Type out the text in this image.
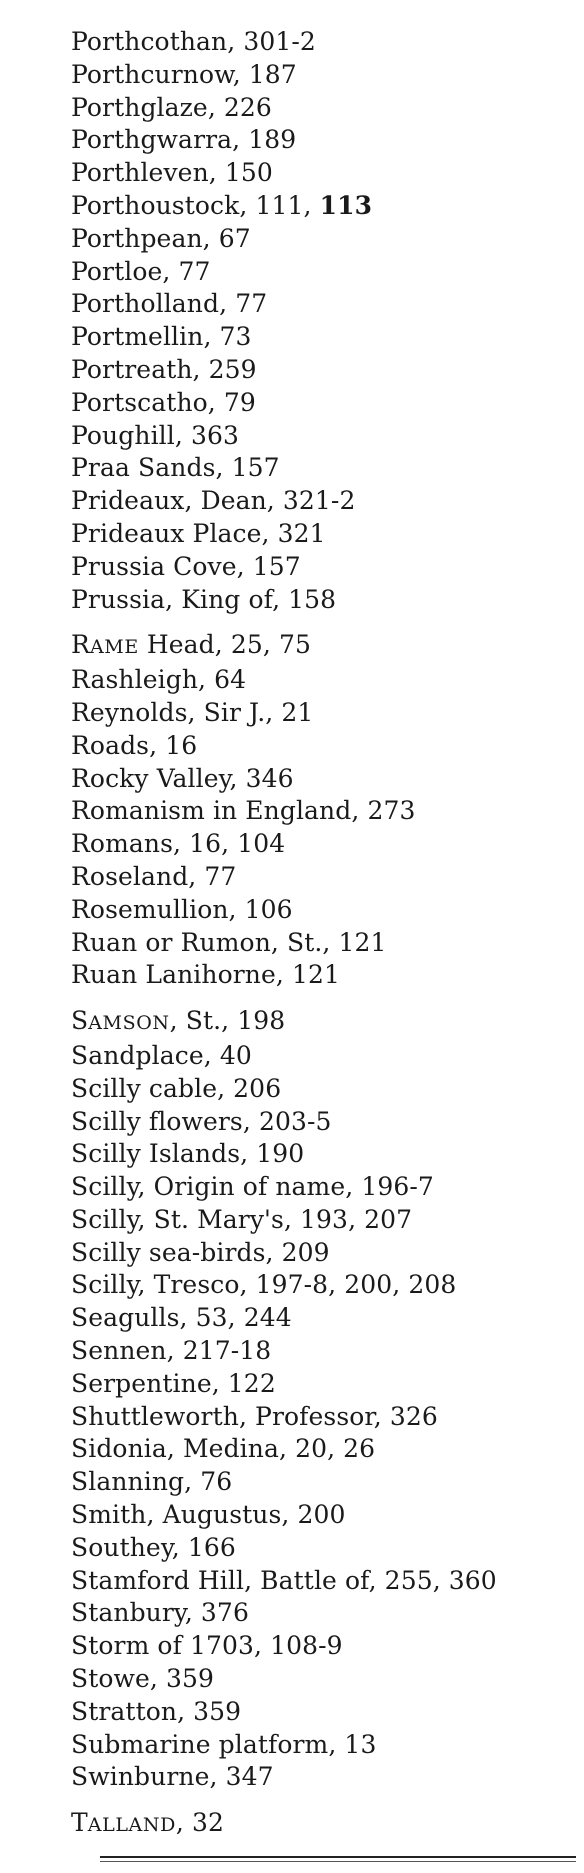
Porthcothan, 301-2
Porthcurnow, 187
Porthglaze, 226
Porthgwarra, 189
Porthleven, 150
Porthoustock, 111, 113
Porthpean, 67
Portloe, 77
Portholland, 77
Portmellin, 73
Portreath, 259
Portscatho, 79
Poughill, 363
Praa Sands, 157
Prideaux, Dean, 321-2
Prideaux Place, 321
Prussia Cove, 157
Prussia, King of, 158
RAME Head, 25, 75
Rashleigh, 64
Reynolds, Sir J., 21
Roads, 16
Rocky Valley, 346
Romanism in England, 273
Romans, 16, 104
Roseland, 77
Rosemullion, 106
Ruan or Rumon, St., 121
Ruan Lanihorne, 121
SAMSON, St., 198
Sandplace, 40
Scilly cable, 206
Scilly flowers, 203-5
Scilly Islands, 190
Scilly, Origin of name, 196-7
Scilly, St. Mary's, 193, 207
Scilly sea-birds, 209
Scilly, Tresco, 197-8, 200, 208
Seagulls, 53, 244
Sennen, 217-18
Serpentine, 122
Shuttleworth, Professor, 326
Sidonia, Medina, 20, 26
Slanning, 76
Smith, Augustus, 200
Southey, 166
Stamford Hill, Battle of, 255, 360
Stanbury, 376
Storm of 1703, 108-9
Stowe, 359
Stratton, 359
Submarine platform, 13
Swinburne, 347
TALLAND, 32
